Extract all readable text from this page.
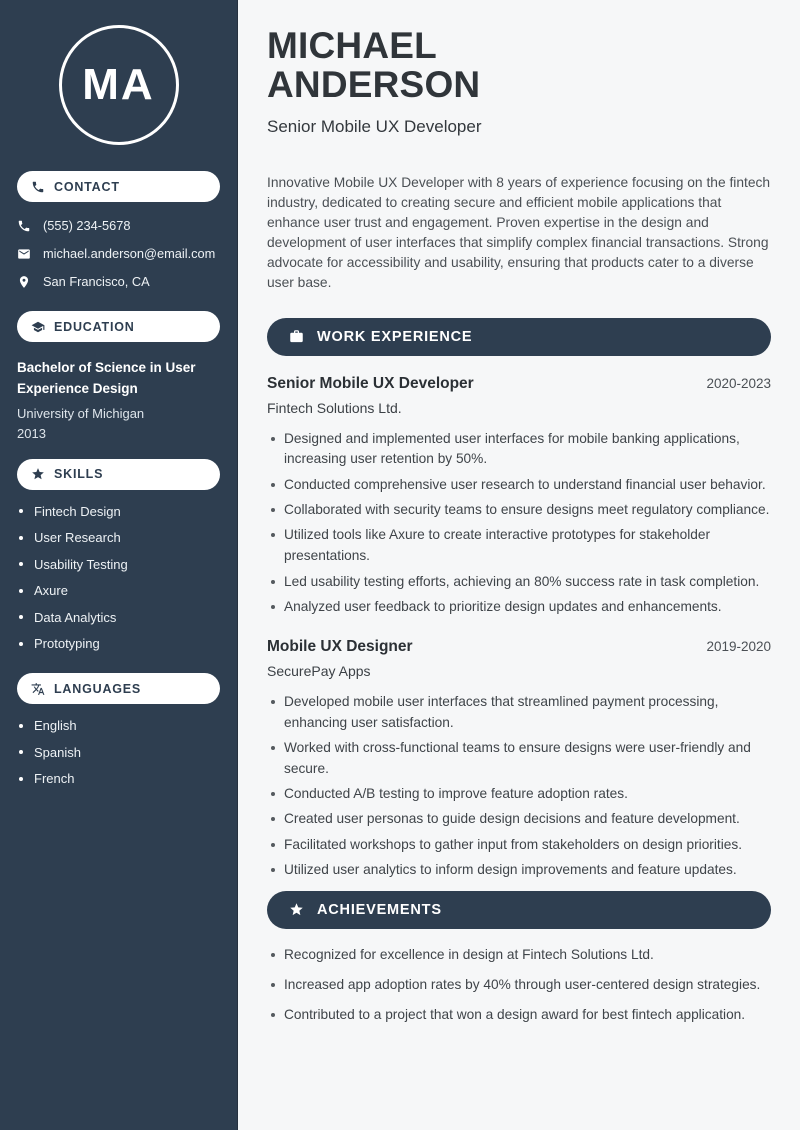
MA
CONTACT
(555) 234-5678
michael.anderson@email.com
San Francisco, CA
EDUCATION
Bachelor of Science in User Experience Design
University of Michigan
2013
SKILLS
Fintech Design
User Research
Usability Testing
Axure
Data Analytics
Prototyping
LANGUAGES
English
Spanish
French
MICHAEL
ANDERSON
Senior Mobile UX Developer

Innovative Mobile UX Developer with 8 years of experience focusing on the fintech industry, dedicated to creating secure and efficient mobile applications that enhance user trust and engagement. Proven expertise in the design and development of user interfaces that simplify complex financial transactions. Strong advocate for accessibility and usability, ensuring that products cater to a diverse user base.

WORK EXPERIENCE
Senior Mobile UX Developer	2020-2023
Fintech Solutions Ltd.
Designed and implemented user interfaces for mobile banking applications, increasing user retention by 50%.
Conducted comprehensive user research to understand financial user behavior.
Collaborated with security teams to ensure designs meet regulatory compliance.
Utilized tools like Axure to create interactive prototypes for stakeholder presentations.
Led usability testing efforts, achieving an 80% success rate in task completion.
Analyzed user feedback to prioritize design updates and enhancements.
Mobile UX Designer	2019-2020
SecurePay Apps
Developed mobile user interfaces that streamlined payment processing, enhancing user satisfaction.
Worked with cross-functional teams to ensure designs were user-friendly and secure.
Conducted A/B testing to improve feature adoption rates.
Created user personas to guide design decisions and feature development.
Facilitated workshops to gather input from stakeholders on design priorities.
Utilized user analytics to inform design improvements and feature updates.
ACHIEVEMENTS
Recognized for excellence in design at Fintech Solutions Ltd.
Increased app adoption rates by 40% through user-centered design strategies.
Contributed to a project that won a design award for best fintech application.
